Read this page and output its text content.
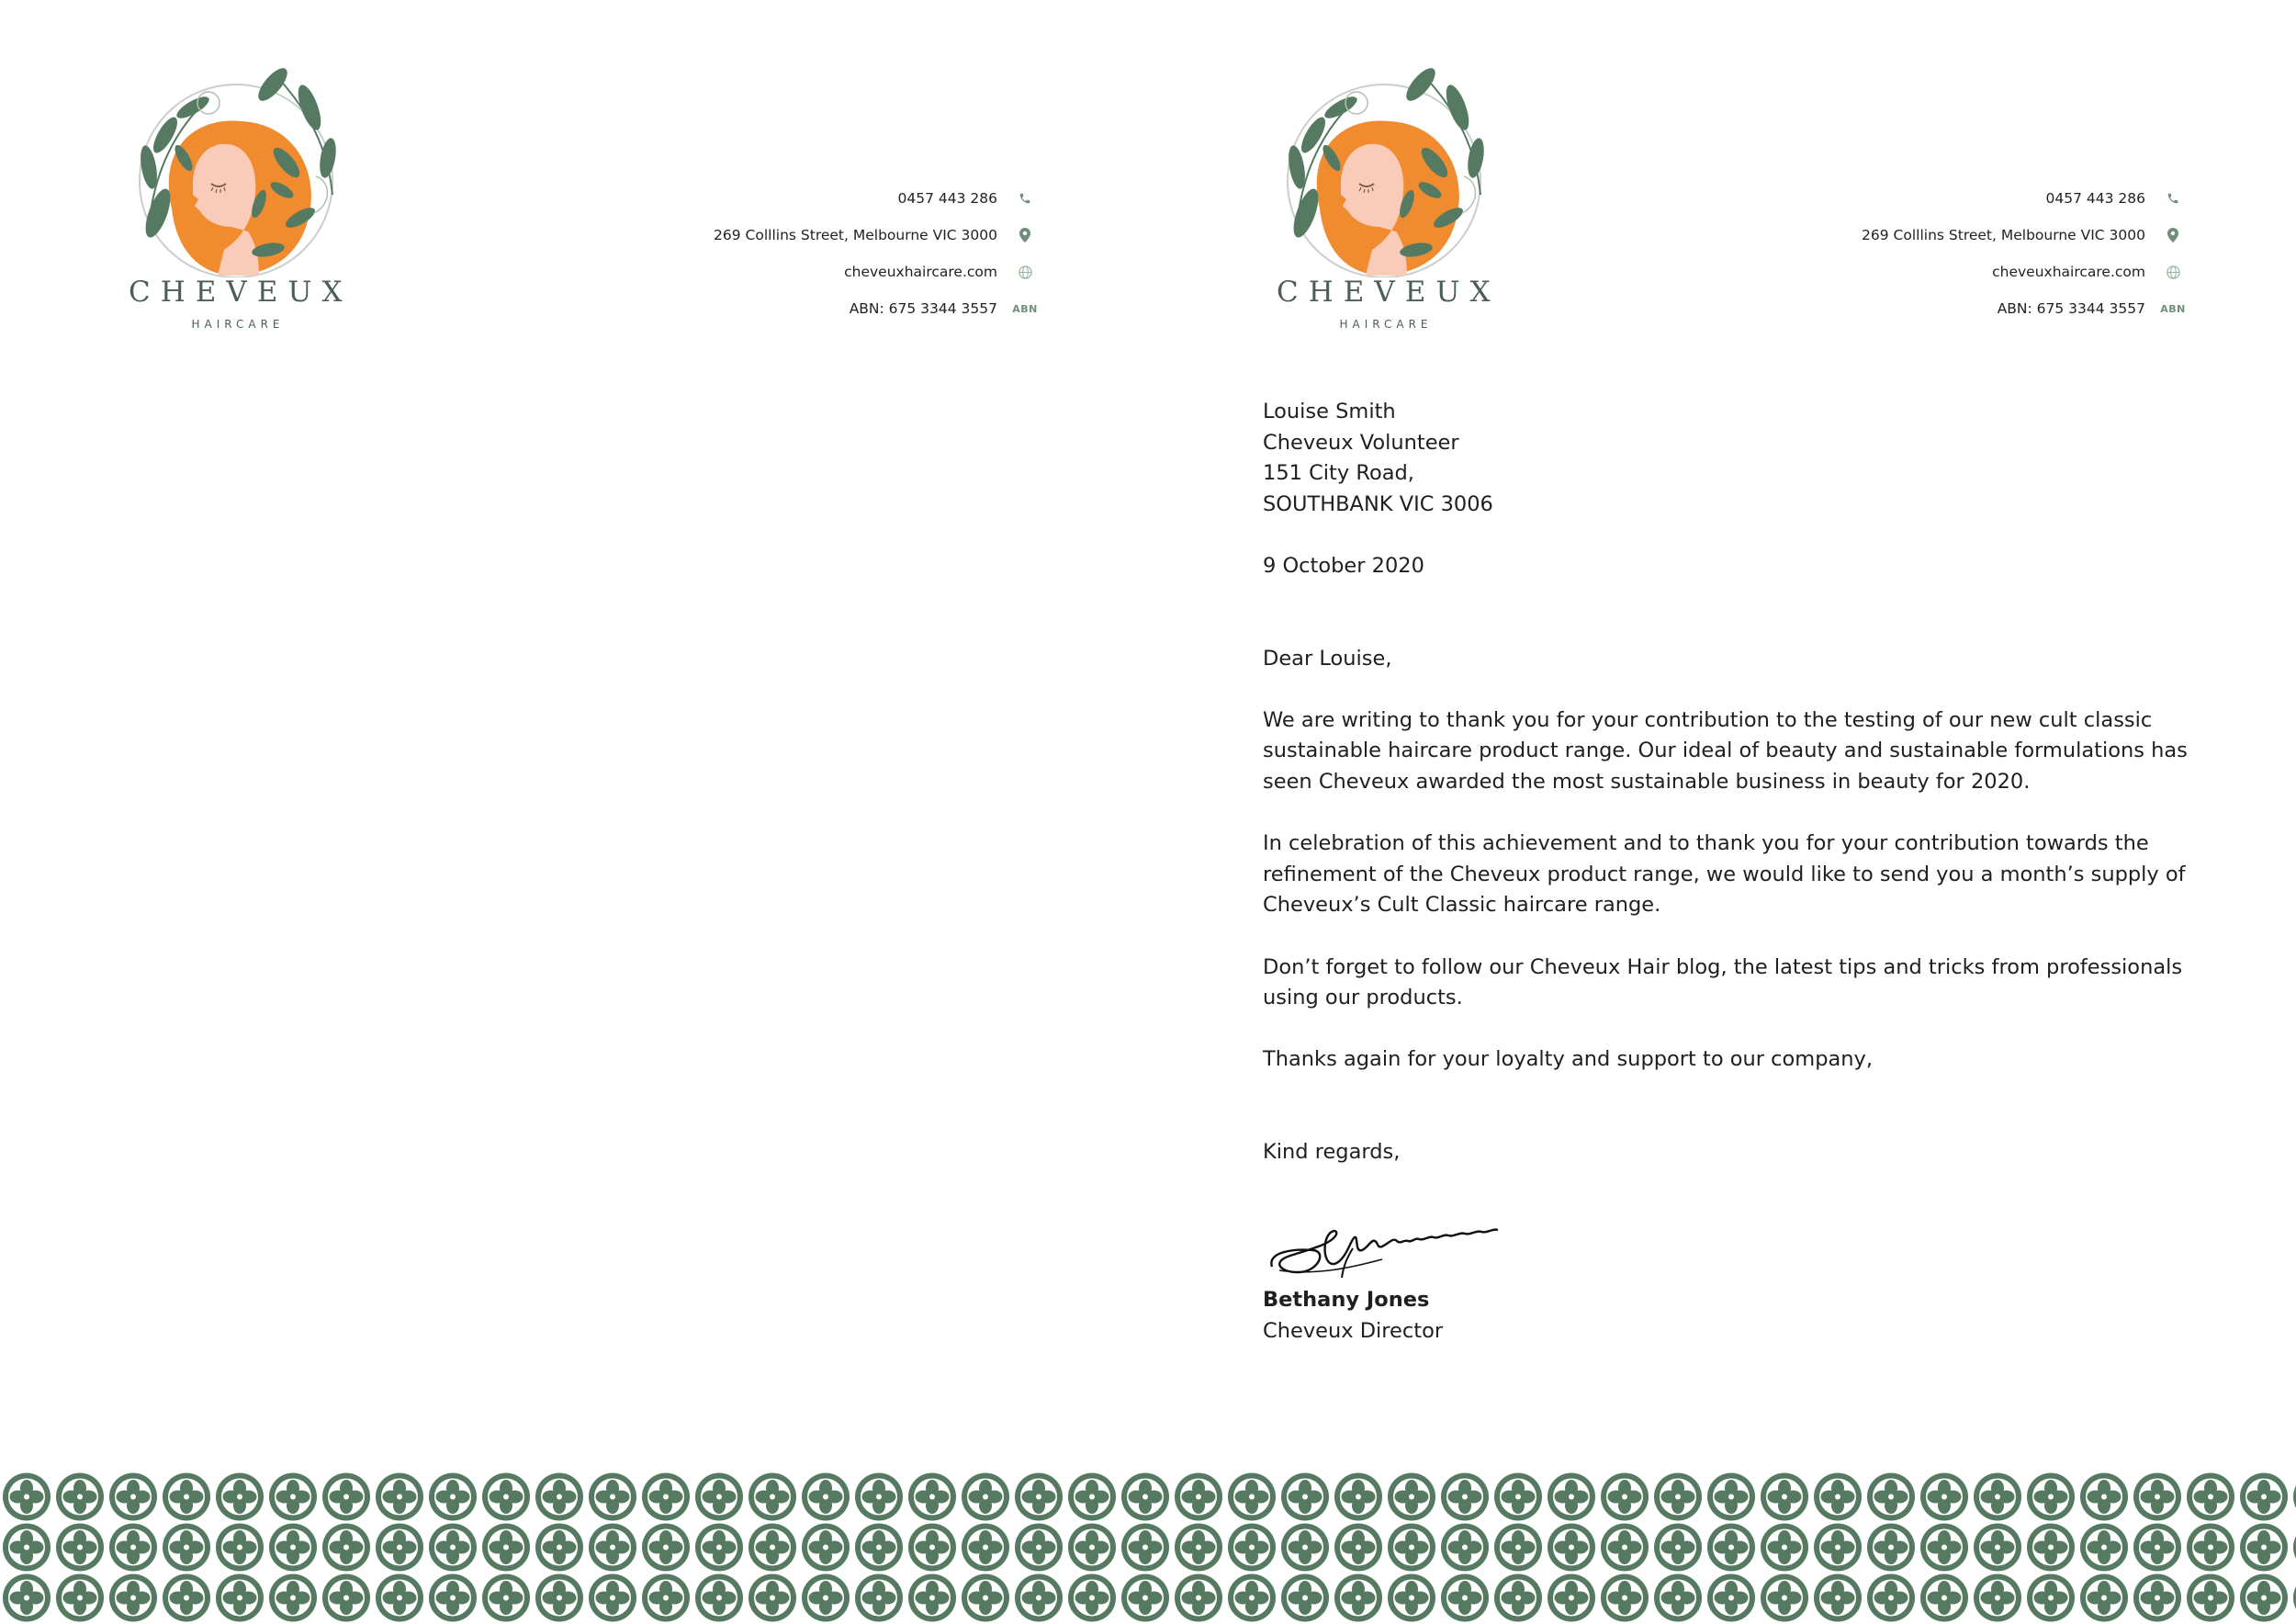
CHEVEUX
HAIRCARE
0457 443 286
269 Colllins Street, Melbourne VIC 3000
cheveuxhaircare.com
ABN: 675 3344 3557 ABN	CHEVEUX
HAIRCARE
0457 443 286
269 Colllins Street, Melbourne VIC 3000
cheveuxhaircare.com
ABN: 675 3344 3557 ABN

Louise Smith

Cheveux Volunteer

151 City Road,

SOUTHBANK VIC 3006

9 October 2020

Dear Louise,

We are writing to thank you for your contribution to the testing of our new cult classic sustainable haircare product range. Our ideal of beauty and sustainable formulations has seen Cheveux awarded the most sustainable business in beauty for 2020.

In celebration of this achievement and to thank you for your contribution towards the refinement of the Cheveux product range, we would like to send you a month’s supply of Cheveux’s Cult Classic haircare range.

Don’t forget to follow our Cheveux Hair blog, the latest tips and tricks from professionals using our products.

Thanks again for your loyalty and support to our company,

Kind regards,

Bethany Jones

Cheveux Director
